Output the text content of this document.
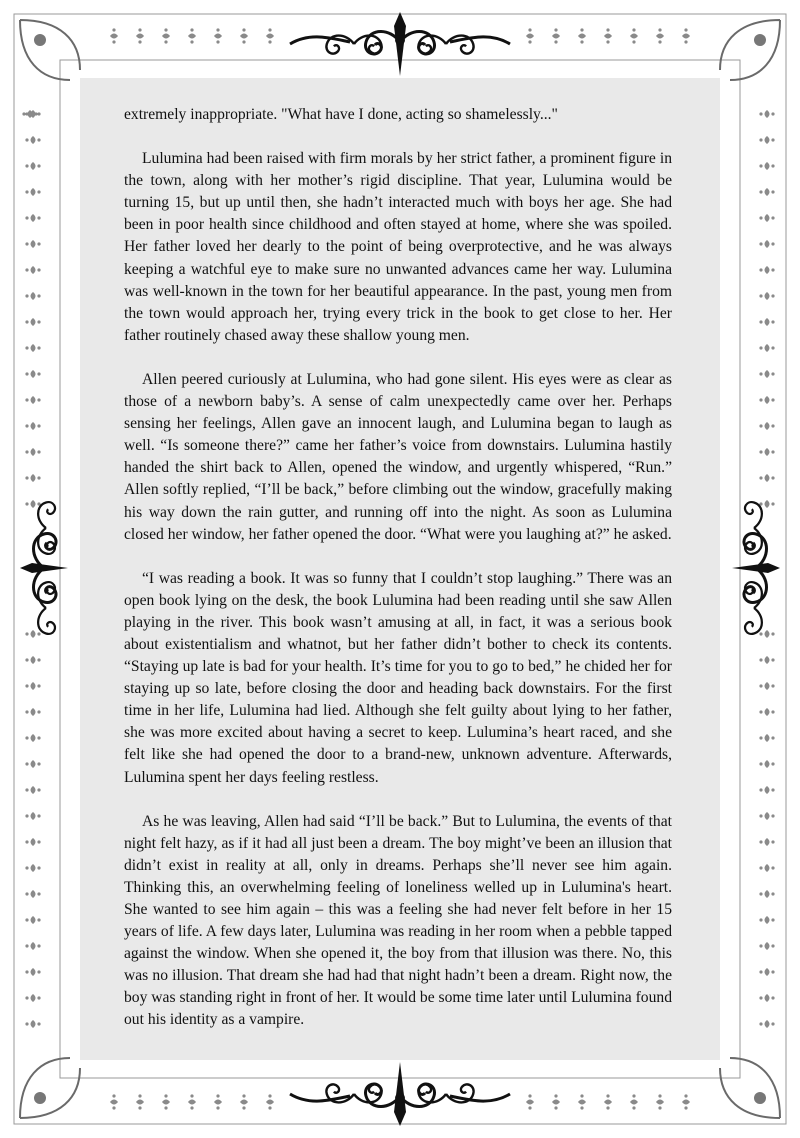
extremely inappropriate. "What have I done, acting so shamelessly..."

Lulumina had been raised with firm morals by her strict father, a prominent figure in the town, along with her mother’s rigid discipline. That year, Lulumina would be turning 15, but up until then, she hadn’t interacted much with boys her age. She had been in poor health since childhood and often stayed at home, where she was spoiled. Her father loved her dearly to the point of being overprotective, and he was always keeping a watchful eye to make sure no unwanted advances came her way. Lulumina was well-known in the town for her beautiful appearance. In the past, young men from the town would approach her, trying every trick in the book to get close to her. Her father routinely chased away these shallow young men.

Allen peered curiously at Lulumina, who had gone silent. His eyes were as clear as those of a newborn baby’s. A sense of calm unexpectedly came over her. Perhaps sensing her feelings, Allen gave an innocent laugh, and Lulumina began to laugh as well. “Is someone there?” came her father’s voice from downstairs. Lulumina hastily handed the shirt back to Allen, opened the window, and urgently whispered, “Run.” Allen softly replied, “I’ll be back,” before climbing out the window, gracefully making his way down the rain gutter, and running off into the night. As soon as Lulumina closed her window, her father opened the door. “What were you laughing at?” he asked.

“I was reading a book. It was so funny that I couldn’t stop laughing.” There was an open book lying on the desk, the book Lulumina had been reading until she saw Allen playing in the river. This book wasn’t amusing at all, in fact, it was a serious book about existentialism and whatnot, but her father didn’t bother to check its contents. “Staying up late is bad for your health. It’s time for you to go to bed,” he chided her for staying up so late, before closing the door and heading back downstairs. For the first time in her life, Lulumina had lied. Although she felt guilty about lying to her father, she was more excited about having a secret to keep. Lulumina’s heart raced, and she felt like she had opened the door to a brand-new, unknown adventure. Afterwards, Lulumina spent her days feeling restless.

As he was leaving, Allen had said “I’ll be back.” But to Lulumina, the events of that night felt hazy, as if it had all just been a dream. The boy might’ve been an illusion that didn’t exist in reality at all, only in dreams. Perhaps she’ll never see him again. Thinking this, an overwhelming feeling of loneliness welled up in Lulumina's heart. She wanted to see him again – this was a feeling she had never felt before in her 15 years of life. A few days later, Lulumina was reading in her room when a pebble tapped against the window. When she opened it, the boy from that illusion was there. No, this was no illusion. That dream she had had that night hadn’t been a dream. Right now, the boy was standing right in front of her. It would be some time later until Lulumina found out his identity as a vampire.
